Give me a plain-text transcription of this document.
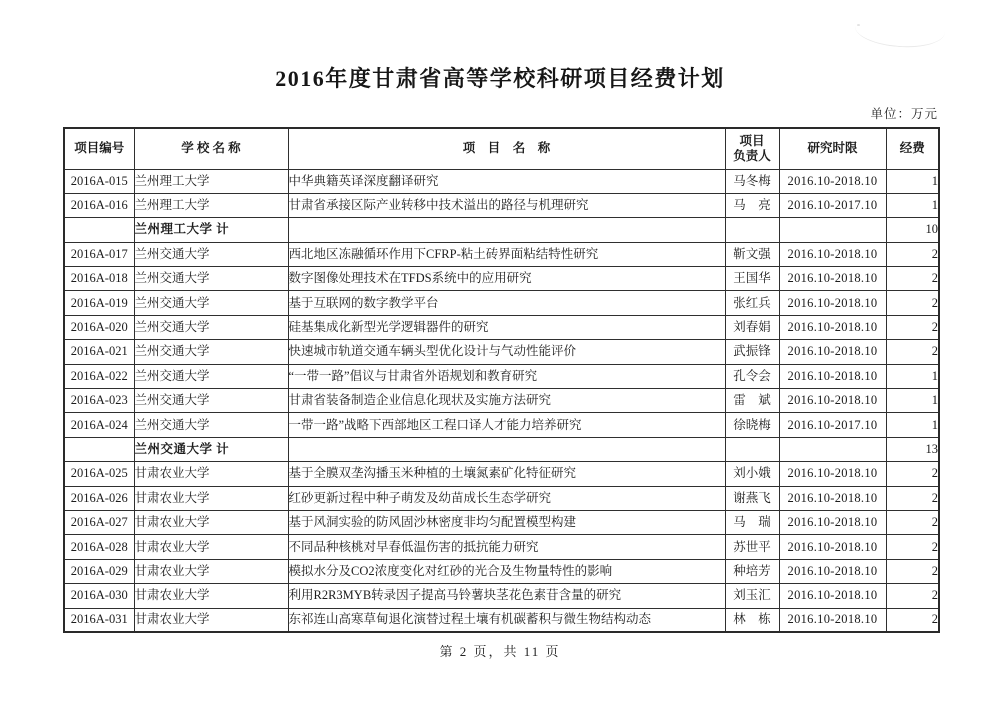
2016年度甘肃省高等学校科研项目经费计划
单位：万元
项目编号	学 校 名 称	项　目　名　称	项目
负责人	研究时限	经费
2016A-015	兰州理工大学	中华典籍英译深度翻译研究	马冬梅	2016.10-2018.10	1
2016A-016	兰州理工大学	甘肃省承接区际产业转移中技术溢出的路径与机理研究	马　亮	2016.10-2017.10	1
	兰州理工大学 计				10
2016A-017	兰州交通大学	西北地区冻融循环作用下CFRP-粘土砖界面粘结特性研究	靳文强	2016.10-2018.10	2
2016A-018	兰州交通大学	数字图像处理技术在TFDS系统中的应用研究	王国华	2016.10-2018.10	2
2016A-019	兰州交通大学	基于互联网的数字教学平台	张红兵	2016.10-2018.10	2
2016A-020	兰州交通大学	硅基集成化新型光学逻辑器件的研究	刘春娟	2016.10-2018.10	2
2016A-021	兰州交通大学	快速城市轨道交通车辆头型优化设计与气动性能评价	武振锋	2016.10-2018.10	2
2016A-022	兰州交通大学	“一带一路”倡议与甘肃省外语规划和教育研究	孔令会	2016.10-2018.10	1
2016A-023	兰州交通大学	甘肃省装备制造企业信息化现状及实施方法研究	雷　斌	2016.10-2018.10	1
2016A-024	兰州交通大学	一带一路”战略下西部地区工程口译人才能力培养研究	徐晓梅	2016.10-2017.10	1
	兰州交通大学 计				13
2016A-025	甘肃农业大学	基于全膜双垄沟播玉米种植的土壤氮素矿化特征研究	刘小娥	2016.10-2018.10	2
2016A-026	甘肃农业大学	红砂更新过程中种子萌发及幼苗成长生态学研究	谢燕飞	2016.10-2018.10	2
2016A-027	甘肃农业大学	基于风洞实验的防风固沙林密度非均匀配置模型构建	马　瑞	2016.10-2018.10	2
2016A-028	甘肃农业大学	不同品种核桃对早春低温伤害的抵抗能力研究	苏世平	2016.10-2018.10	2
2016A-029	甘肃农业大学	模拟水分及CO2浓度变化对红砂的光合及生物量特性的影响	种培芳	2016.10-2018.10	2
2016A-030	甘肃农业大学	利用R2R3MYB转录因子提高马铃薯块茎花色素苷含量的研究	刘玉汇	2016.10-2018.10	2
2016A-031	甘肃农业大学	东祁连山高寒草甸退化演替过程土壤有机碳蓄积与微生物结构动态	林　栋	2016.10-2018.10	2
第 2 页，共 11 页
